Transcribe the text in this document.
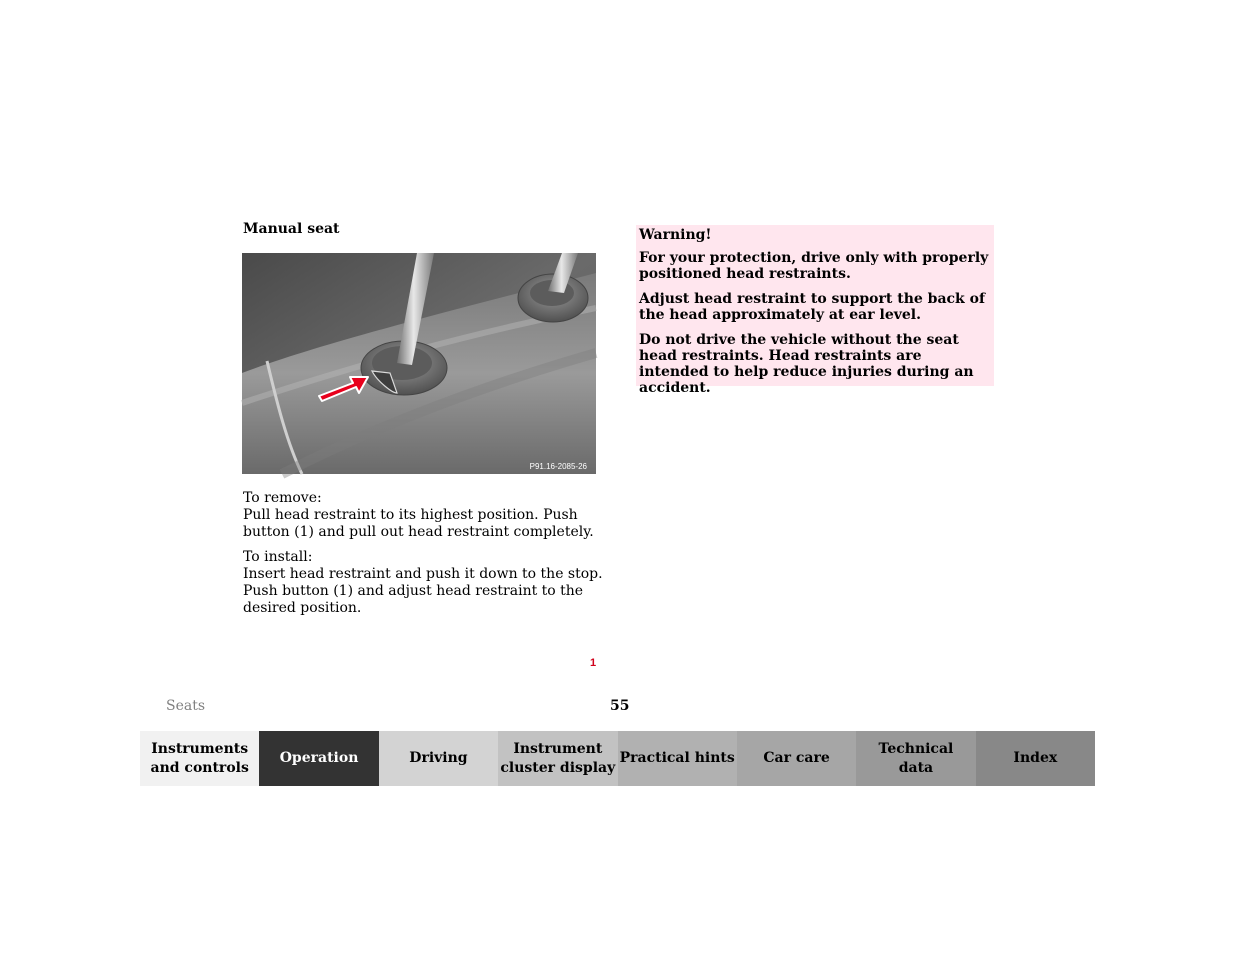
Manual seat
1
P91.16-2085-26

To remove:

Pull head restraint to its highest position. Push button (1) and pull out head restraint completely.

To install:

Insert head restraint and push it down to the stop. Push button (1) and adjust head restraint to the desired position.

Warning!

For your protection, drive only with properly positioned head restraints.

Adjust head restraint to support the back of the head approximately at ear level.

Do not drive the vehicle without the seat head restraints. Head restraints are intended to help reduce injuries during an accident.

Seats	55
Instruments
and controls
Operation	Driving
Instrument
cluster display
Practical hints Car care
Technical
data
Index
